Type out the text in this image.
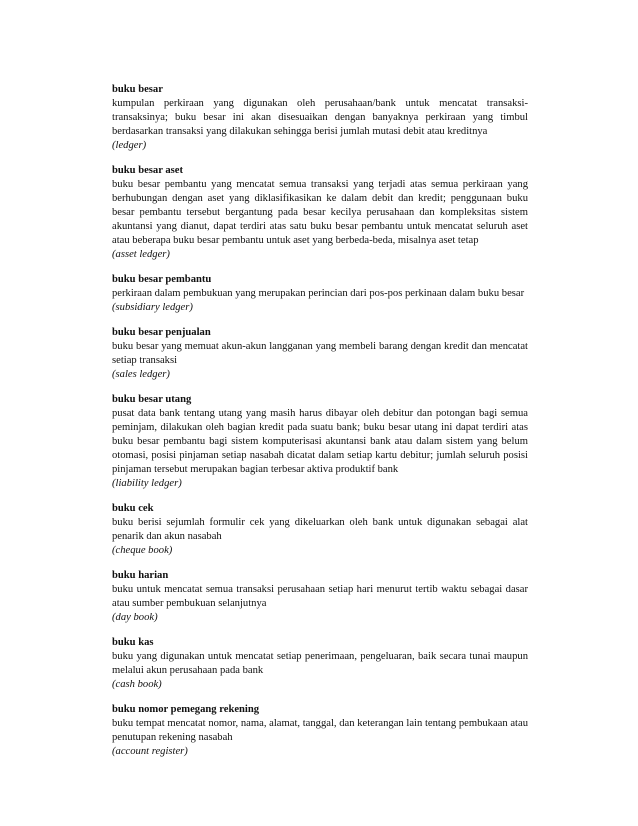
buku besar
kumpulan perkiraan yang digunakan oleh perusahaan/bank untuk mencatat transaksi-transaksinya; buku besar ini akan disesuaikan dengan banyaknya perkiraan yang timbul berdasarkan transaksi yang dilakukan sehingga berisi jumlah mutasi debit atau kreditnya
(ledger)
buku besar aset
buku besar pembantu yang mencatat semua transaksi yang terjadi atas semua perkiraan yang berhubungan dengan aset yang diklasifikasikan ke dalam debit dan kredit; penggunaan buku besar pembantu tersebut bergantung pada besar kecilya perusahaan dan kompleksitas sistem akuntansi yang dianut, dapat terdiri atas satu buku besar pembantu untuk mencatat seluruh aset atau beberapa buku besar pembantu untuk aset yang berbeda-beda, misalnya aset tetap
(asset ledger)
buku besar pembantu
perkiraan dalam pembukuan yang merupakan perincian dari pos-pos perkinaan dalam buku besar
(subsidiary ledger)
buku besar penjualan
buku besar yang memuat akun-akun langganan yang membeli barang dengan kredit dan mencatat setiap transaksi
(sales ledger)
buku besar utang
pusat data bank tentang utang yang masih harus dibayar oleh debitur dan potongan bagi semua peminjam, dilakukan oleh bagian kredit pada suatu bank; buku besar utang ini dapat terdiri atas buku besar pembantu bagi sistem komputerisasi akuntansi bank atau dalam sistem yang belum otomasi, posisi pinjaman setiap nasabah dicatat dalam setiap kartu debitur; jumlah seluruh posisi pinjaman tersebut merupakan bagian terbesar aktiva produktif bank
(liability ledger)
buku cek
buku berisi sejumlah formulir cek yang dikeluarkan oleh bank untuk digunakan sebagai alat penarik dan akun nasabah
(cheque book)
buku harian
buku untuk mencatat semua transaksi perusahaan setiap hari menurut tertib waktu sebagai dasar atau sumber pembukuan selanjutnya
(day book)
buku kas
buku yang digunakan untuk mencatat setiap penerimaan, pengeluaran, baik secara tunai maupun melalui akun perusahaan pada bank
(cash book)
buku nomor pemegang rekening
buku tempat mencatat nomor, nama, alamat, tanggal, dan keterangan lain tentang pembukaan atau penutupan rekening nasabah
(account register)
